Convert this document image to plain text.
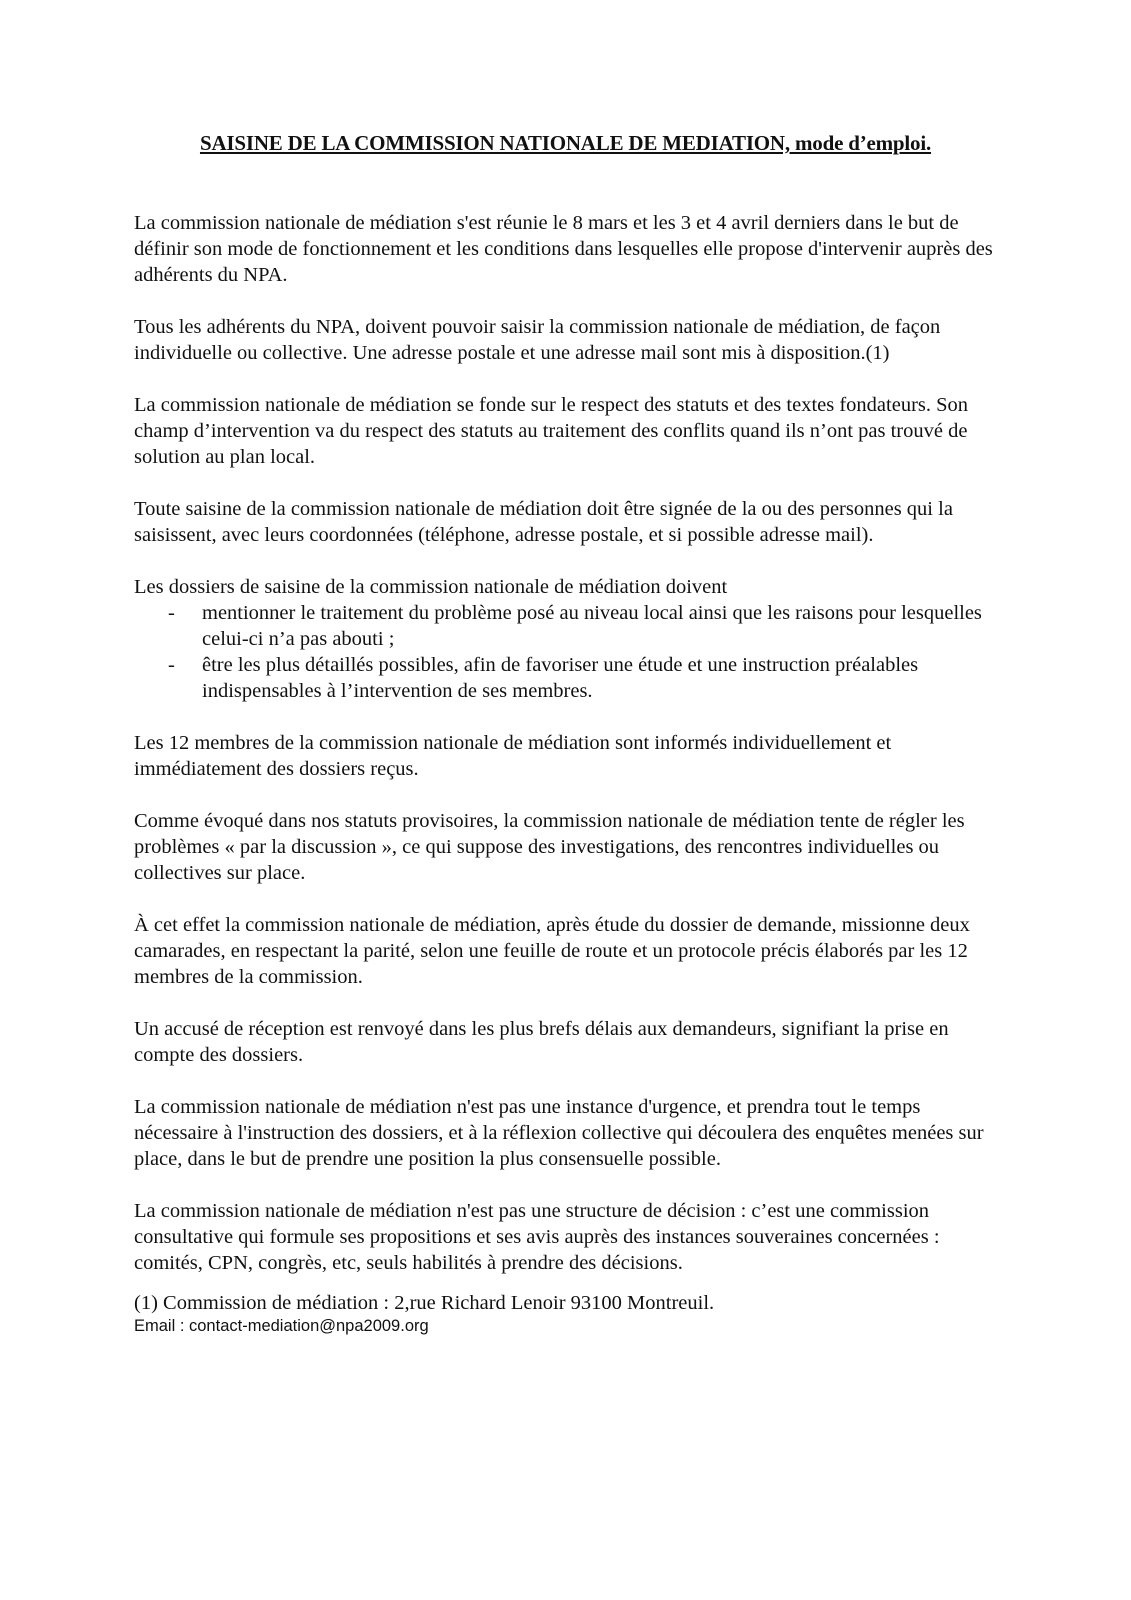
SAISINE DE LA COMMISSION NATIONALE DE MEDIATION, mode d’emploi.

La commission nationale de médiation s'est réunie le 8 mars et les 3 et 4 avril derniers dans le but de définir son mode de fonctionnement et les conditions dans lesquelles elle propose d'intervenir auprès des adhérents du NPA.

Tous les adhérents du NPA, doivent pouvoir saisir la commission nationale de médiation, de façon individuelle ou collective. Une adresse postale et une adresse mail sont mis à disposition.(1)

La commission nationale de médiation se fonde sur le respect des statuts et des textes fondateurs. Son champ d’intervention va du respect des statuts au traitement des conflits quand ils n’ont pas trouvé de solution au plan local.

Toute saisine de la commission nationale de médiation doit être signée de la ou des personnes qui la saisissent, avec leurs coordonnées (téléphone, adresse postale, et si possible adresse mail).

Les dossiers de saisine de la commission nationale de médiation doivent

- mentionner le traitement du problème posé au niveau local ainsi que les raisons pour lesquelles celui-ci n’a pas abouti ;
- être les plus détaillés possibles, afin de favoriser une étude et une instruction préalables indispensables à l’intervention de ses membres.

Les 12 membres de la commission nationale de médiation sont informés individuellement et immédiatement des dossiers reçus.

Comme évoqué dans nos statuts provisoires, la commission nationale de médiation tente de régler les problèmes « par la discussion », ce qui suppose des investigations, des rencontres individuelles ou collectives sur place.

À cet effet la commission nationale de médiation, après étude du dossier de demande, missionne deux camarades, en respectant la parité, selon une feuille de route et un protocole précis élaborés par les 12 membres de la commission.

Un accusé de réception est renvoyé dans les plus brefs délais aux demandeurs, signifiant la prise en compte des dossiers.

La commission nationale de médiation n'est pas une instance d'urgence, et prendra tout le temps nécessaire à l'instruction des dossiers, et à la réflexion collective qui découlera des enquêtes menées sur place, dans le but de prendre une position la plus consensuelle possible.

La commission nationale de médiation n'est pas une structure de décision : c’est une commission consultative qui formule ses propositions et ses avis auprès des instances souveraines concernées : comités, CPN, congrès, etc, seuls habilités à prendre des décisions.

(1) Commission de médiation : 2,rue Richard Lenoir 93100 Montreuil.

Email : contact-mediation@npa2009.org
